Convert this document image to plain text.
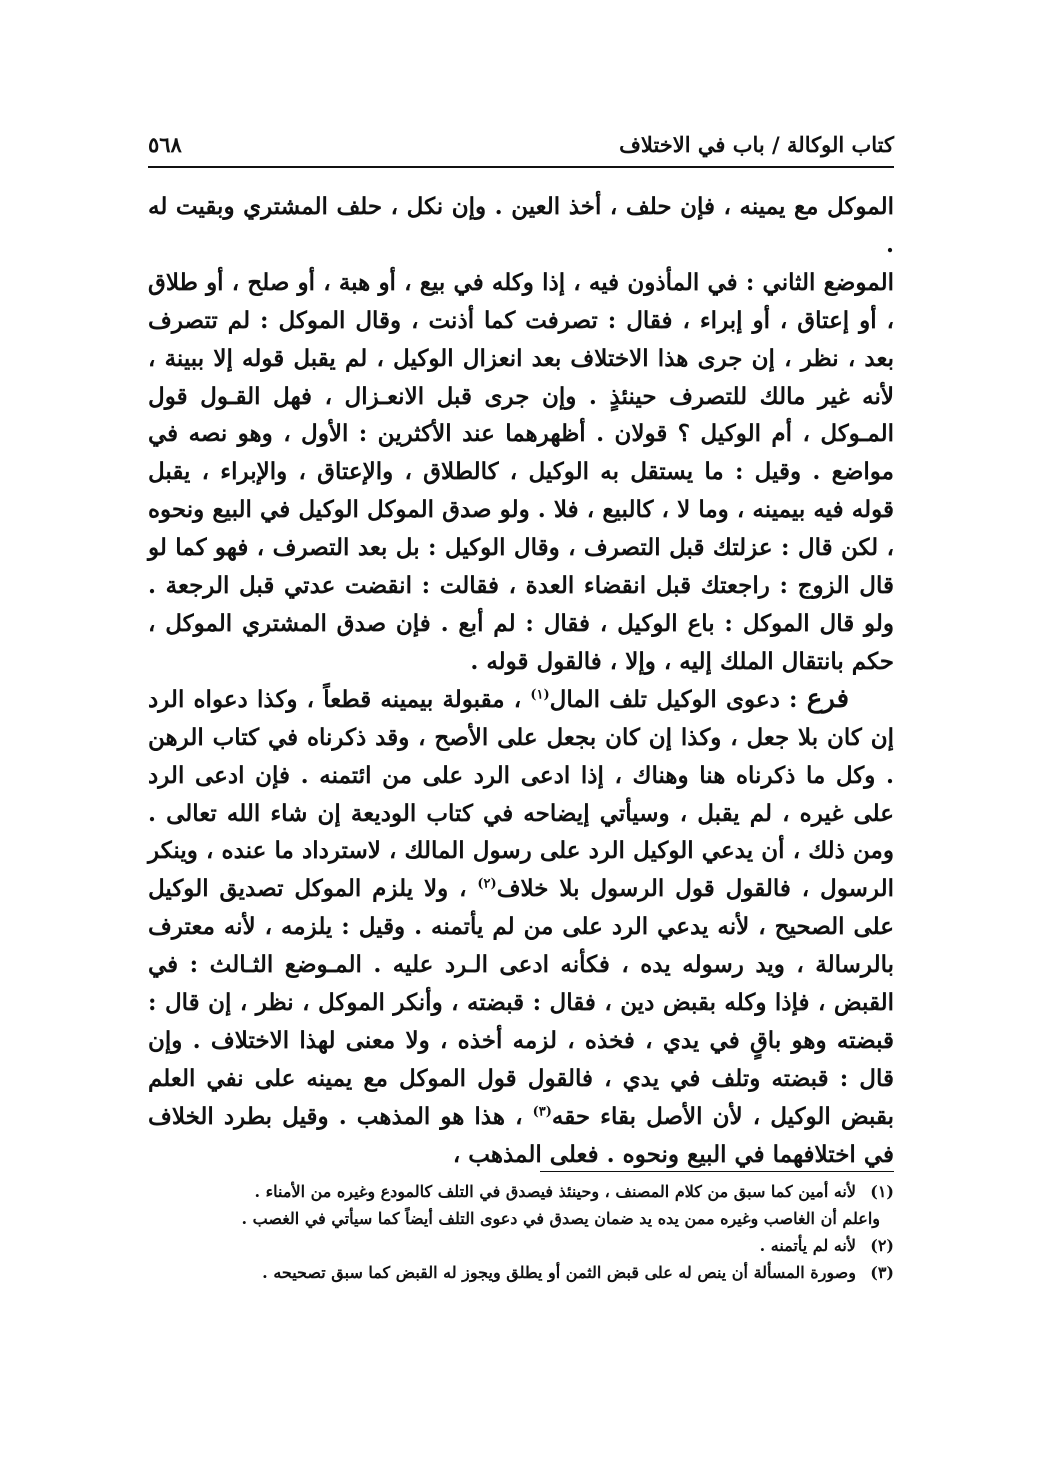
كتاب الوكالة / باب في الاختلاف
٥٦٨

الموكل مع يمينه ، فإن حلف ، أخذ العين . وإن نكل ، حلف المشتري وبقيت له .

الموضع الثاني : في المأذون فيه ، إذا وكله في بيع ، أو هبة ، أو صلح ، أو طلاق ، أو إعتاق ، أو إبراء ، فقال : تصرفت كما أذنت ، وقال الموكل : لم تتصرف بعد ، نظر ، إن جرى هذا الاختلاف بعد انعزال الوكيل ، لم يقبل قوله إلا ببينة ، لأنه غير مالك للتصرف حينئذٍ . وإن جرى قبل الانعـزال ، فهل القـول قول المـوكل ، أم الوكيل ؟ قولان . أظهرهما عند الأكثرين : الأول ، وهو نصه في مواضع . وقيل : ما يستقل به الوكيل ، كالطلاق ، والإعتاق ، والإبراء ، يقبل قوله فيه بيمينه ، وما لا ، كالبيع ، فلا . ولو صدق الموكل الوكيل في البيع ونحوه ، لكن قال : عزلتك قبل التصرف ، وقال الوكيل : بل بعد التصرف ، فهو كما لو قال الزوج : راجعتك قبل انقضاء العدة ، فقالت : انقضت عدتي قبل الرجعة . ولو قال الموكل : باع الوكيل ، فقال : لم أبع . فإن صدق المشتري الموكل ، حكم بانتقال الملك إليه ، وإلا ، فالقول قوله .

فرع : دعوى الوكيل تلف المال$^{(١)}$ ، مقبولة بيمينه قطعاً ، وكذا دعواه الرد إن كان بلا جعل ، وكذا إن كان بجعل على الأصح ، وقد ذكرناه في كتاب الرهن . وكل ما ذكرناه هنا وهناك ، إذا ادعى الرد على من ائتمنه . فإن ادعى الرد على غيره ، لم يقبل ، وسيأتي إيضاحه في كتاب الوديعة إن شاء الله تعالى . ومن ذلك ، أن يدعي الوكيل الرد على رسول المالك ، لاسترداد ما عنده ، وينكر الرسول ، فالقول قول الرسول بلا خلاف$^{(٢)}$ ، ولا يلزم الموكل تصديق الوكيل على الصحيح ، لأنه يدعي الرد على من لم يأتمنه . وقيل : يلزمه ، لأنه معترف بالرسالة ، ويد رسوله يده ، فكأنه ادعى الـرد عليه . المـوضع الثـالث : في القبض ، فإذا وكله بقبض دين ، فقال : قبضته ، وأنكر الموكل ، نظر ، إن قال : قبضته وهو باقٍ في يدي ، فخذه ، لزمه أخذه ، ولا معنى لهذا الاختلاف . وإن قال : قبضته وتلف في يدي ، فالقول قول الموكل مع يمينه على نفي العلم بقبض الوكيل ، لأن الأصل بقاء حقه$^{(٣)}$ ، هذا هو المذهب . وقيل بطرد الخلاف في اختلافهما في البيع ونحوه . فعلى المذهب ،

(١)
لأنه أمين كما سبق من كلام المصنف ، وحينئذ فيصدق في التلف كالمودع وغيره من الأمناء .
واعلم أن الغاصب وغيره ممن يده يد ضمان يصدق في دعوى التلف أيضاً كما سيأتي في الغصب .
(٢)
لأنه لم يأتمنه .
(٣)
وصورة المسألة أن ينص له على قبض الثمن أو يطلق ويجوز له القبض كما سبق تصحيحه .
